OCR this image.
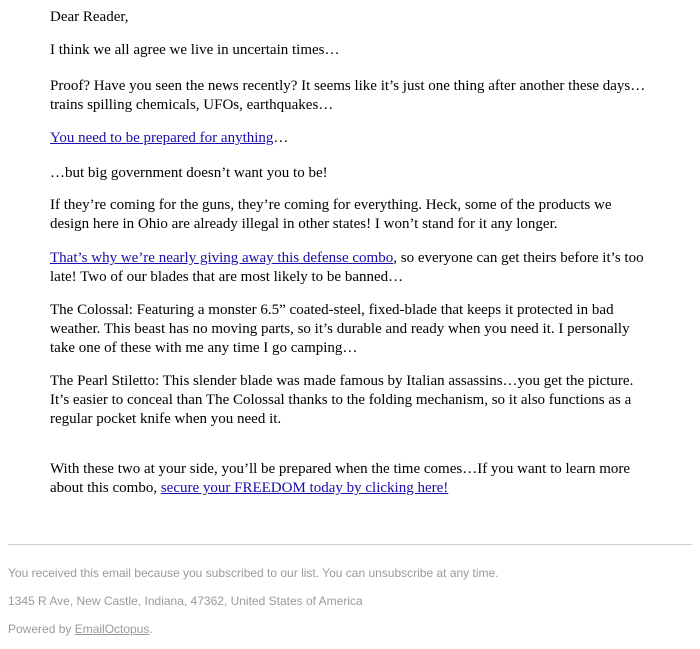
Dear Reader,

I think we all agree we live in uncertain times…

Proof? Have you seen the news recently? It seems like it’s just one thing after another these days…trains spilling chemicals, UFOs, earthquakes…

You need to be prepared for anything…

…but big government doesn’t want you to be!

If they’re coming for the guns, they’re coming for everything. Heck, some of the products we design here in Ohio are already illegal in other states! I won’t stand for it any longer.

That’s why we’re nearly giving away this defense combo, so everyone can get theirs before it’s too late! Two of our blades that are most likely to be banned…

The Colossal: Featuring a monster 6.5” coated-steel, fixed-blade that keeps it protected in bad weather. This beast has no moving parts, so it’s durable and ready when you need it. I personally take one of these with me any time I go camping…

The Pearl Stiletto: This slender blade was made famous by Italian assassins…you get the picture. It’s easier to conceal than The Colossal thanks to the folding mechanism, so it also functions as a regular pocket knife when you need it.

With these two at your side, you’ll be prepared when the time comes…If you want to learn more about this combo, secure your FREEDOM today by clicking here!

You received this email because you subscribed to our list. You can unsubscribe at any time.

1345 R Ave, New Castle, Indiana, 47362, United States of America

Powered by EmailOctopus.
